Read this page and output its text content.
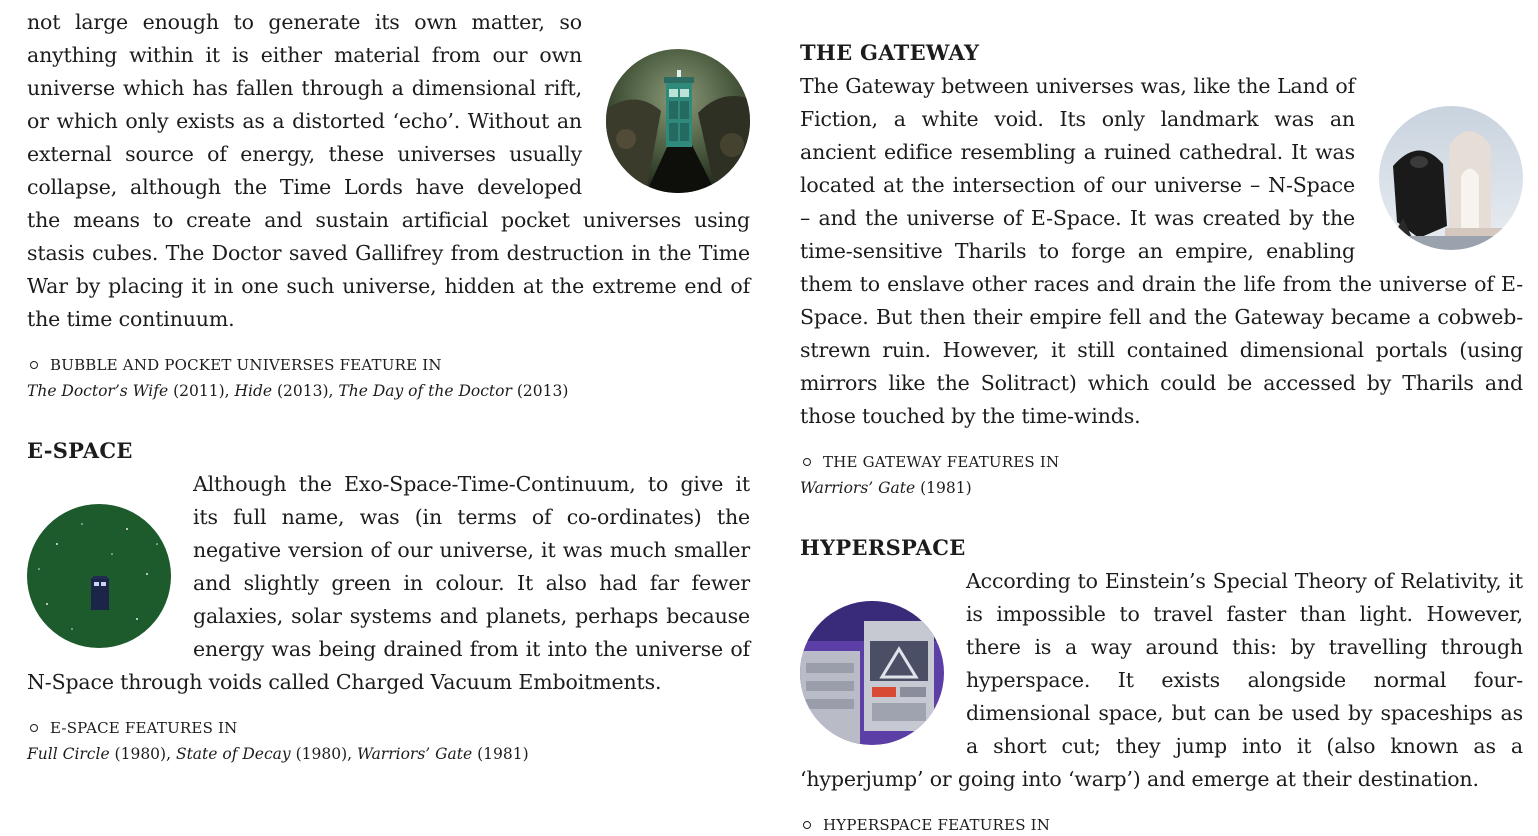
not large enough to generate its own matter, so anything within it is either material from our own universe which has fallen through a dimensional rift, or which only exists as a distorted ‘echo’. Without an external source of energy, these universes usually collapse, although the Time Lords have developed the means to create and sustain artificial pocket universes using stasis cubes. The Doctor saved Gallifrey from destruction in the Time War by placing it in one such universe, hidden at the extreme end of the time continuum.

BUBBLE AND POCKET UNIVERSES FEATURE IN

The Doctor’s Wife (2011), Hide (2013), The Day of the Doctor (2013)

E-SPACE

Although the Exo-Space-Time-Continuum, to give it its full name, was (in terms of co-ordinates) the negative version of our universe, it was much smaller and slightly green in colour. It also had far fewer galaxies, solar systems and planets, perhaps because energy was being drained from it into the universe of N-Space through voids called Charged Vacuum Emboitments.

E-SPACE FEATURES IN

Full Circle (1980), State of Decay (1980), Warriors’ Gate (1981)

THE GATEWAY

The Gateway between universes was, like the Land of Fiction, a white void. Its only landmark was an ancient edifice resembling a ruined cathedral. It was located at the intersection of our universe – N-Space – and the universe of E-Space. It was created by the time-sensitive Tharils to forge an empire, enabling them to enslave other races and drain the life from the universe of E-Space. But then their empire fell and the Gateway became a cobweb-strewn ruin. However, it still contained dimensional portals (using mirrors like the Solitract) which could be accessed by Tharils and those touched by the time-winds.

THE GATEWAY FEATURES IN

Warriors’ Gate (1981)

HYPERSPACE

According to Einstein’s Special Theory of Relativity, it is impossible to travel faster than light. However, there is a way around this: by travelling through hyperspace. It exists alongside normal four-dimensional space, but can be used by spaceships as a short cut; they jump into it (also known as a ‘hyperjump’ or going into ‘warp’) and emerge at their destination.

HYPERSPACE FEATURES IN
